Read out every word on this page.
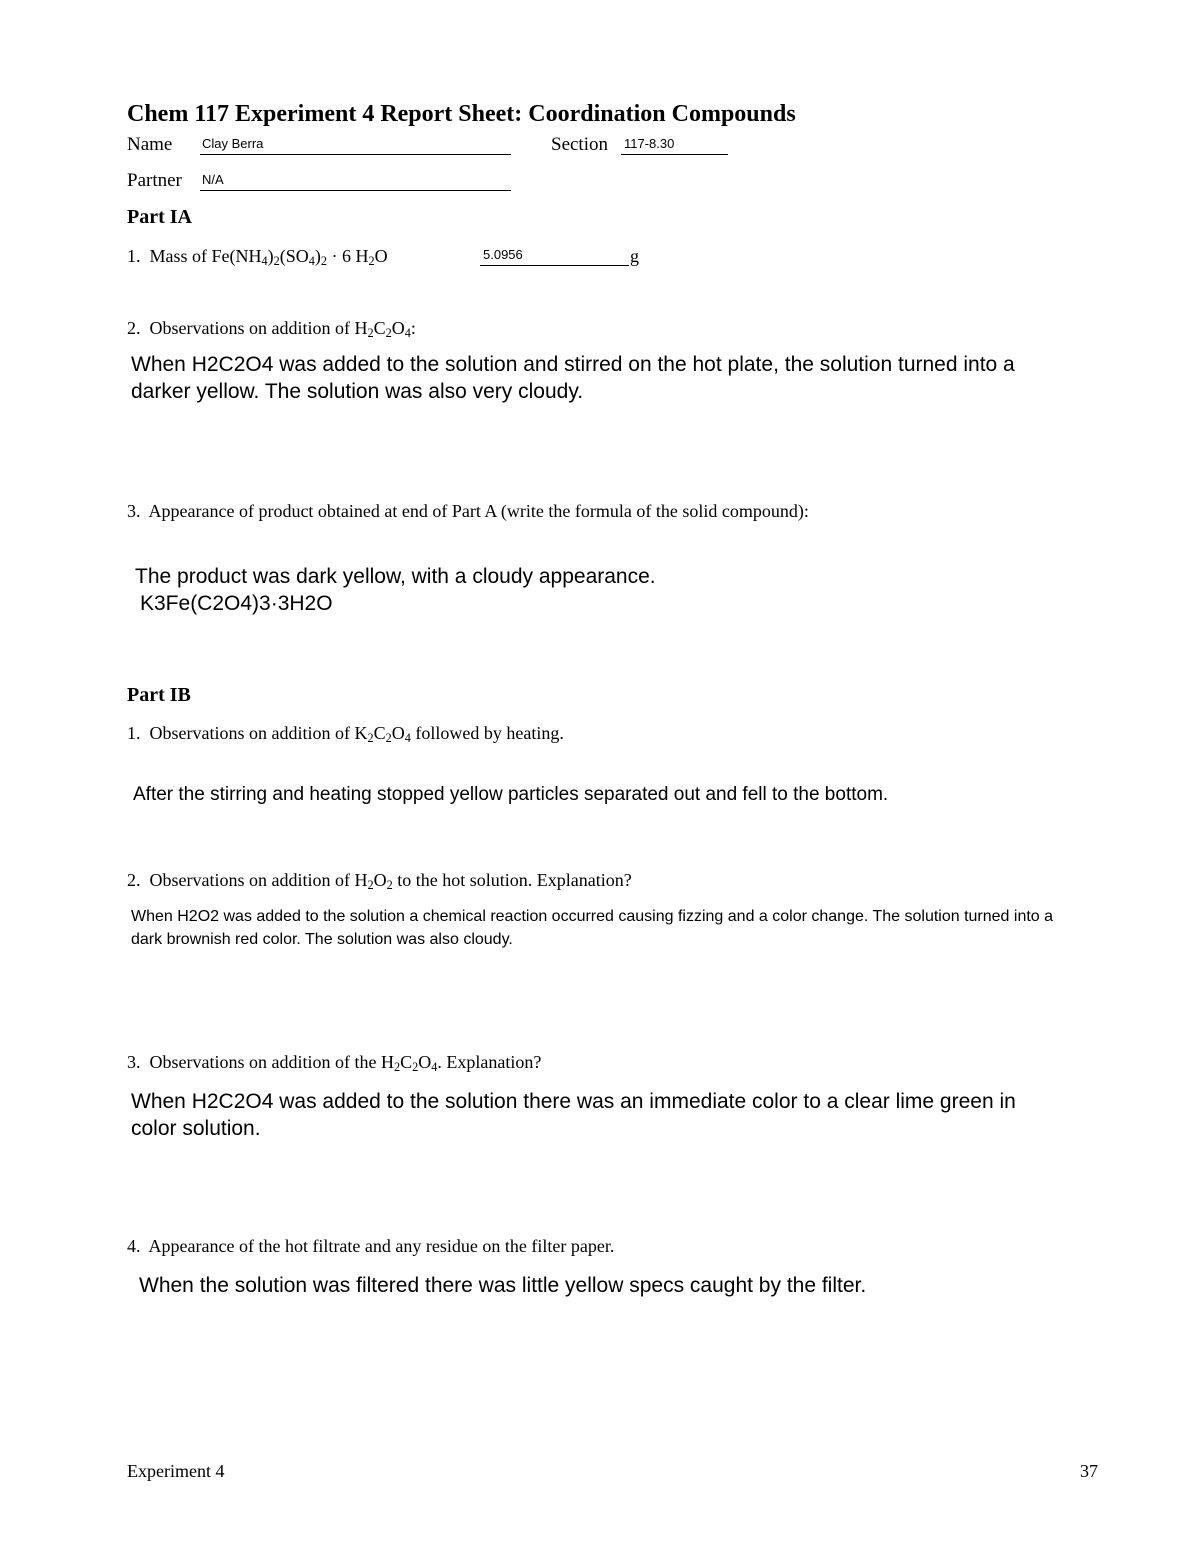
Chem 117 Experiment 4 Report Sheet: Coordination Compounds
Name Clay Berra	Section 117-8.30
Partner N/A
Part IA
1. Mass of $Fe(NH_4)_2(SO_4)_2 \cdot 6$ $H_2O$	5.0956	g
2. Observations on addition of $H_2C_2O_4$:
When H2C2O4 was added to the solution and stirred on the hot plate, the solution turned into a darker yellow. The solution was also very cloudy.
3. Appearance of product obtained at end of Part A (write the formula of the solid compound):
The product was dark yellow, with a cloudy appearance.
K3Fe(C2O4)3·3H2O
Part IB
1. Observations on addition of $K_2C_2O_4$ followed by heating.
After the stirring and heating stopped yellow particles separated out and fell to the bottom.
2. Observations on addition of $H_2O_2$ to the hot solution. Explanation?
When H2O2 was added to the solution a chemical reaction occurred causing fizzing and a color change. The solution turned into a dark brownish red color. The solution was also cloudy.
3. Observations on addition of the $H_2C_2O_4$. Explanation?
When H2C2O4 was added to the solution there was an immediate color to a clear lime green in color solution.
4. Appearance of the hot filtrate and any residue on the filter paper.
When the solution was filtered there was little yellow specs caught by the filter.
Experiment 4	37
